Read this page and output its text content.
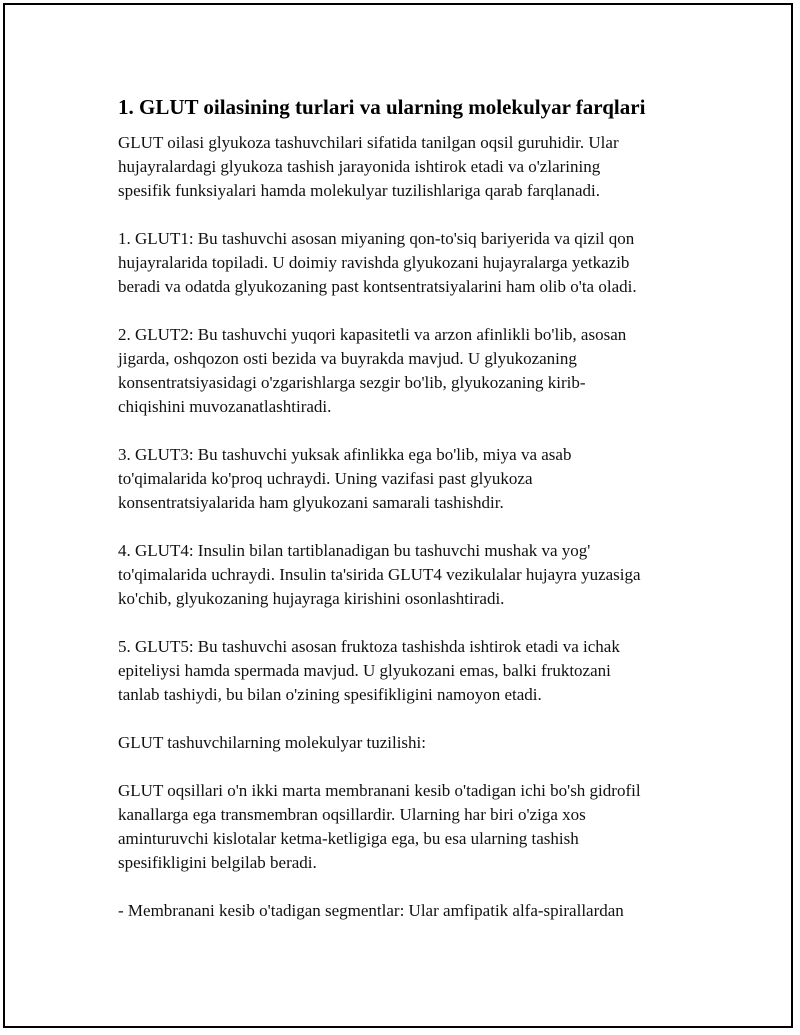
1. GLUT oilasining turlari va ularning molekulyar farqlari

GLUT oilasi glyukoza tashuvchilari sifatida tanilgan oqsil guruhidir. Ular
hujayralardagi glyukoza tashish jarayonida ishtirok etadi va o'zlarining
spesifik funksiyalari hamda molekulyar tuzilishlariga qarab farqlanadi.

1. GLUT1: Bu tashuvchi asosan miyaning qon-to'siq bariyerida va qizil qon
hujayralarida topiladi. U doimiy ravishda glyukozani hujayralarga yetkazib
beradi va odatda glyukozaning past kontsentratsiyalarini ham olib o'ta oladi.

2. GLUT2: Bu tashuvchi yuqori kapasitetli va arzon afinlikli bo'lib, asosan
jigarda, oshqozon osti bezida va buyrakda mavjud. U glyukozaning
konsentratsiyasidagi o'zgarishlarga sezgir bo'lib, glyukozaning kirib-
chiqishini muvozanatlashtiradi.

3. GLUT3: Bu tashuvchi yuksak afinlikka ega bo'lib, miya va asab
to'qimalarida ko'proq uchraydi. Uning vazifasi past glyukoza
konsentratsiyalarida ham glyukozani samarali tashishdir.

4. GLUT4: Insulin bilan tartiblanadigan bu tashuvchi mushak va yog'
to'qimalarida uchraydi. Insulin ta'sirida GLUT4 vezikulalar hujayra yuzasiga
ko'chib, glyukozaning hujayraga kirishini osonlashtiradi.

5. GLUT5: Bu tashuvchi asosan fruktoza tashishda ishtirok etadi va ichak
epiteliysi hamda spermada mavjud. U glyukozani emas, balki fruktozani
tanlab tashiydi, bu bilan o'zining spesifikligini namoyon etadi.

GLUT tashuvchilarning molekulyar tuzilishi:

GLUT oqsillari o'n ikki marta membranani kesib o'tadigan ichi bo'sh gidrofil
kanallarga ega transmembran oqsillardir. Ularning har biri o'ziga xos
aminturuvchi kislotalar ketma-ketligiga ega, bu esa ularning tashish
spesifikligini belgilab beradi.

- Membranani kesib o'tadigan segmentlar: Ular amfipatik alfa-spirallardan
